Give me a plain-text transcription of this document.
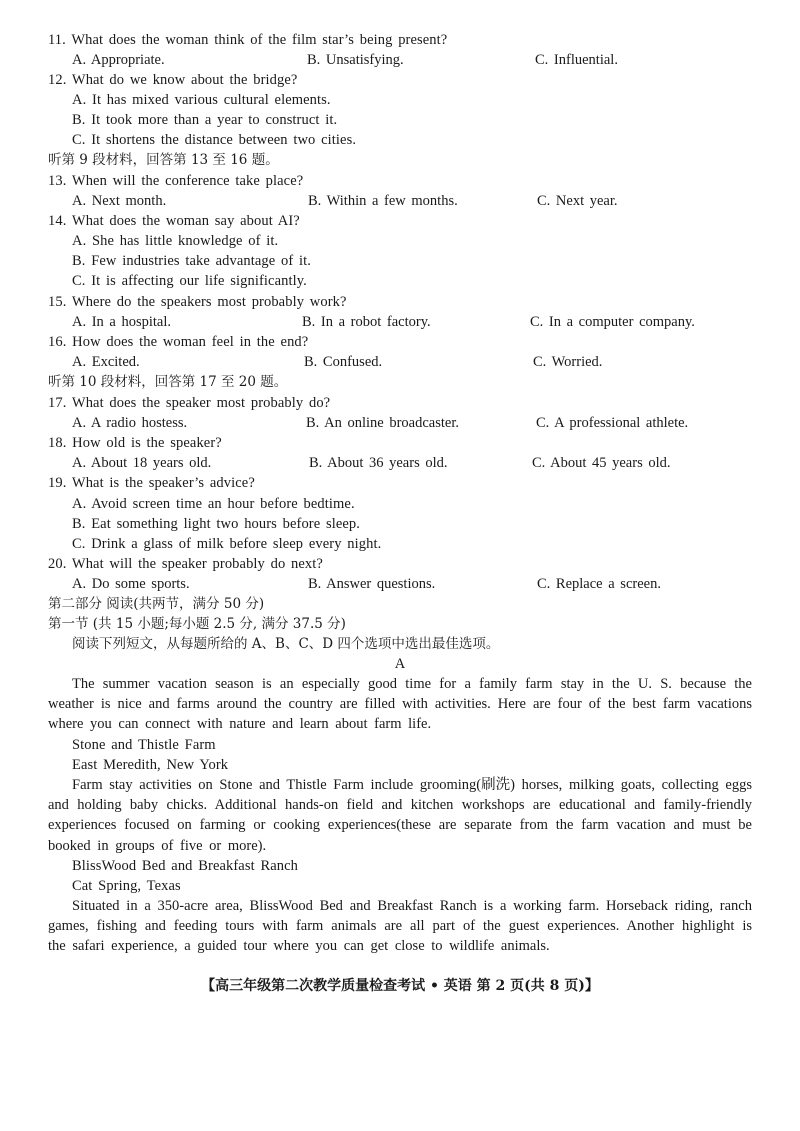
11. What does the woman think of the film star’s being present?
A. Appropriate.	B. Unsatisfying.	C. Influential.
12. What do we know about the bridge?
A. It has mixed various cultural elements.
B. It took more than a year to construct it.
C. It shortens the distance between two cities.
听第 9 段材料，回答第 13 至 16 题。
13. When will the conference take place?
A. Next month.	B. Within a few months.	C. Next year.
14. What does the woman say about AI?
A. She has little knowledge of it.
B. Few industries take advantage of it.
C. It is affecting our life significantly.
15. Where do the speakers most probably work?
A. In a hospital.	B. In a robot factory.	C. In a computer company.
16. How does the woman feel in the end?
A. Excited.	B. Confused.	C. Worried.
听第 10 段材料，回答第 17 至 20 题。
17. What does the speaker most probably do?
A. A radio hostess.	B. An online broadcaster.	C. A professional athlete.
18. How old is the speaker?
A. About 18 years old.	B. About 36 years old.	C. About 45 years old.
19. What is the speaker’s advice?
A. Avoid screen time an hour before bedtime.
B. Eat something light two hours before sleep.
C. Drink a glass of milk before sleep every night.
20. What will the speaker probably do next?
A. Do some sports.	B. Answer questions.	C. Replace a screen.
第二部分 阅读(共两节，满分 50 分)
第一节 (共 15 小题;每小题 2.5 分, 满分 37.5 分)
阅读下列短文，从每题所给的 A、B、C、D 四个选项中选出最佳选项。
A
The summer vacation season is an especially good time for a family farm stay in the U. S. because the weather is nice and farms around the country are filled with activities. Here are four of the best farm vacations where you can connect with nature and learn about farm life.
Stone and Thistle Farm
East Meredith, New York
Farm stay activities on Stone and Thistle Farm include grooming(刷洗) horses, milking goats, collecting eggs and holding baby chicks. Additional hands-on field and kitchen workshops are educational and family-friendly experiences focused on farming or cooking experiences(these are separate from the farm vacation and must be booked in groups of five or more).
BlissWood Bed and Breakfast Ranch
Cat Spring, Texas
Situated in a 350-acre area, BlissWood Bed and Breakfast Ranch is a working farm. Horseback riding, ranch games, fishing and feeding tours with farm animals are all part of the guest experiences. Another highlight is the safari experience, a guided tour where you can get close to wildlife animals.
【高三年级第二次教学质量检查考试 • 英语 第 2 页(共 8 页)】
